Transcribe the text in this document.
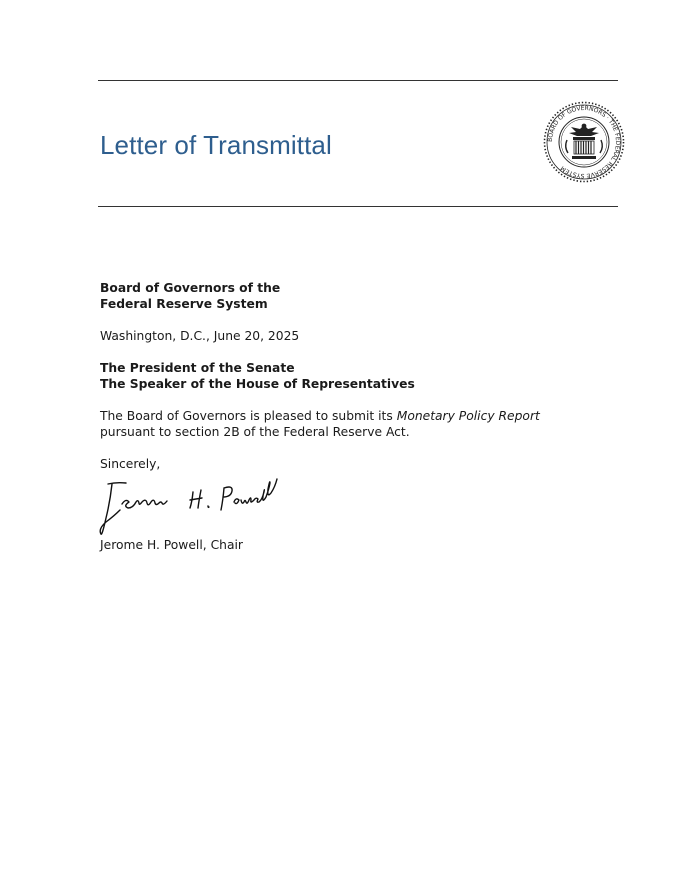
Letter of Transmittal	BOARD OF GOVERNORS · THE FEDERAL RESERVE SYSTEM
Board of Governors of the
Federal Reserve System
Washington, D.C., June 20, 2025
The President of the Senate
The Speaker of the House of Representatives
The Board of Governors is pleased to submit its Monetary Policy Report
pursuant to section 2B of the Federal Reserve Act.
Sincerely,
Jerome H. Powell, Chair
